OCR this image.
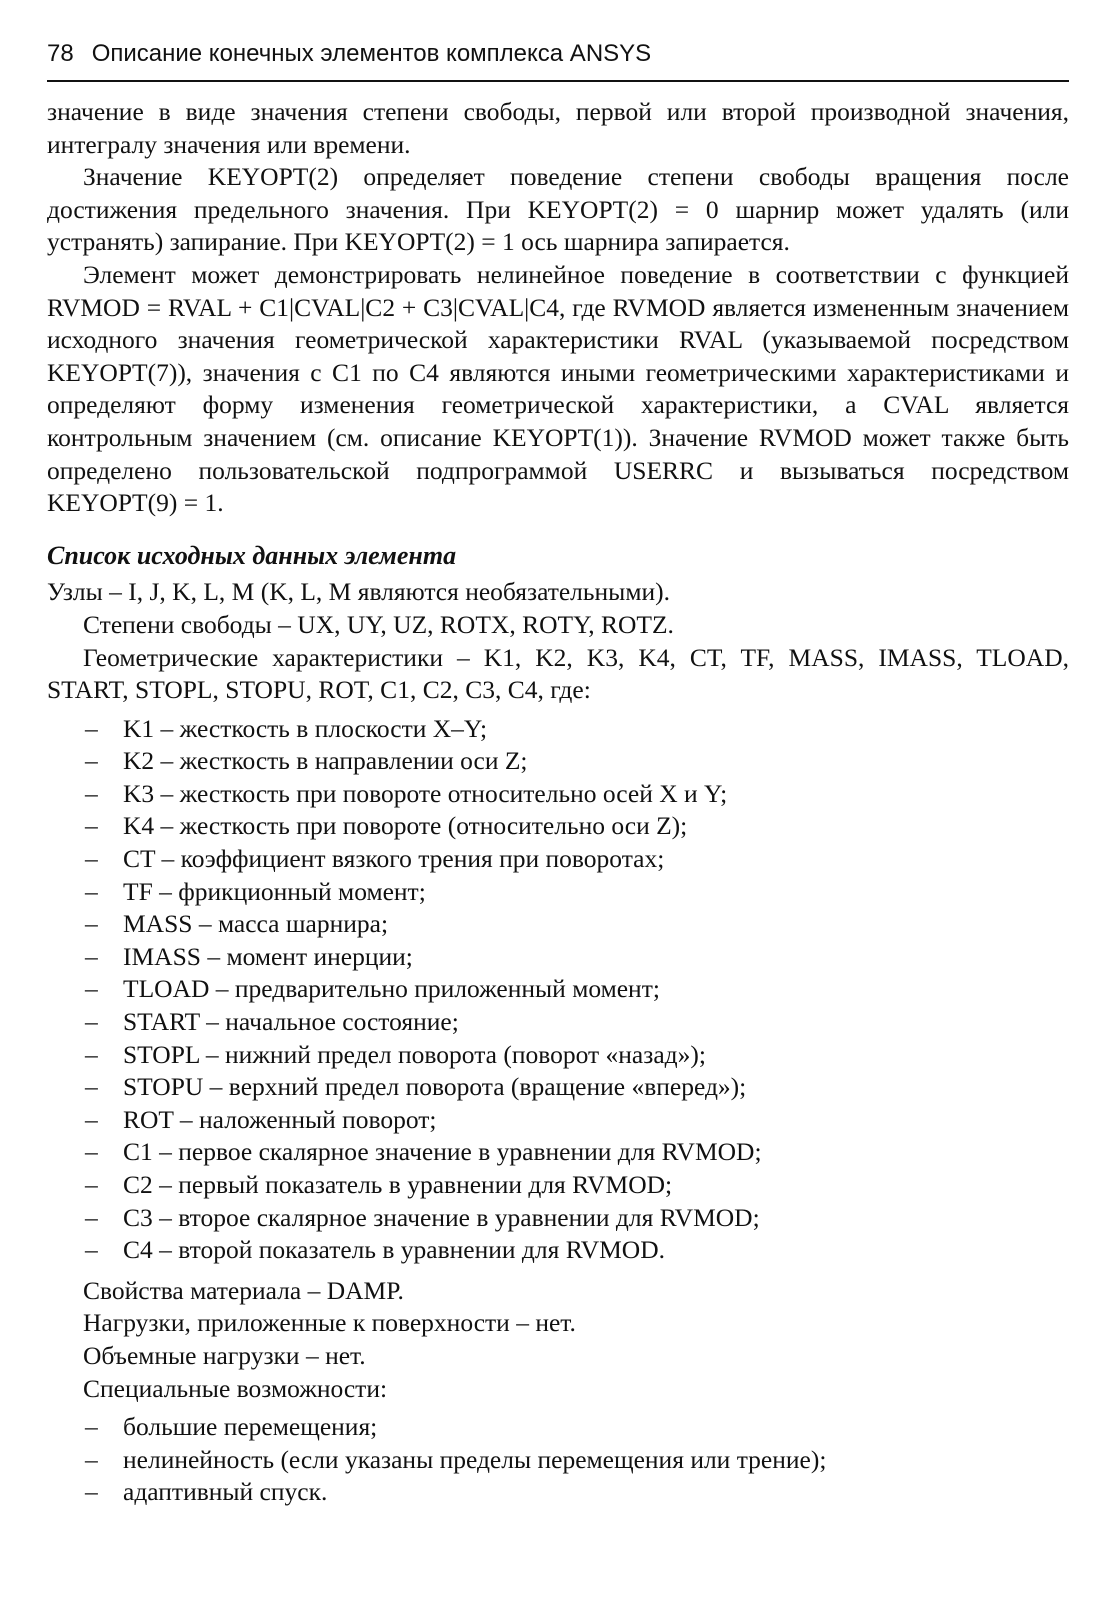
78 Описание конечных элементов комплекса ANSYS

значение в виде значения степени свободы, первой или второй производной значения, интегралу значения или времени.

Значение KEYOPT(2) определяет поведение степени свободы вращения после достижения предельного значения. При KEYOPT(2) = 0 шарнир может удалять (или устранять) запирание. При KEYOPT(2) = 1 ось шарнира запирается.

Элемент может демонстрировать нелинейное поведение в соответствии с функцией RVMOD = RVAL + C1|CVAL|C2 + C3|CVAL|C4, где RVMOD является измененным значением исходного значения геометрической характеристики RVAL (указываемой посредством KEYOPT(7)), значения с C1 по C4 являются иными геометрическими характеристиками и определяют форму изменения геометрической характеристики, а CVAL является контрольным значением (см. описание KEYOPT(1)). Значение RVMOD может также быть определено пользовательской подпрограммой USERRC и вызываться посредством KEYOPT(9) = 1.

Список исходных данных элемента
Узлы – I, J, K, L, M (K, L, M являются необязательными).
Степени свободы – UX, UY, UZ, ROTX, ROTY, ROTZ.

Геометрические характеристики – K1, K2, K3, K4, CT, TF, MASS, IMASS, TLOAD, START, STOPL, STOPU, ROT, C1, C2, C3, C4, где:

– K1 – жесткость в плоскости X–Y;
– K2 – жесткость в направлении оси Z;
– K3 – жесткость при повороте относительно осей X и Y;
– K4 – жесткость при повороте (относительно оси Z);
– CT – коэффициент вязкого трения при поворотах;
– TF – фрикционный момент;
– MASS – масса шарнира;
– IMASS – момент инерции;
– TLOAD – предварительно приложенный момент;
– START – начальное состояние;
– STOPL – нижний предел поворота (поворот «назад»);
– STOPU – верхний предел поворота (вращение «вперед»);
– ROT – наложенный поворот;
– C1 – первое скалярное значение в уравнении для RVMOD;
– C2 – первый показатель в уравнении для RVMOD;
– C3 – второе скалярное значение в уравнении для RVMOD;
– C4 – второй показатель в уравнении для RVMOD.
Свойства материала – DAMP.
Нагрузки, приложенные к поверхности – нет.
Объемные нагрузки – нет.
Специальные возможности:
– большие перемещения;
– нелинейность (если указаны пределы перемещения или трение);
– адаптивный спуск.
